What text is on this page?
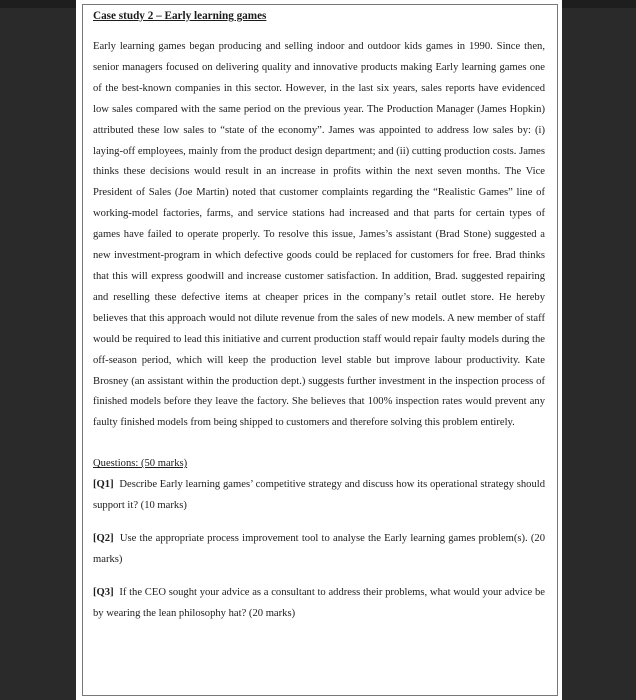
Case study 2 – Early learning games

Early learning games began producing and selling indoor and outdoor kids games in 1990. Since then, senior managers focused on delivering quality and innovative products making Early learning games one of the best-known companies in this sector. However, in the last six years, sales reports have evidenced low sales compared with the same period on the previous year. The Production Manager (James Hopkin) attributed these low sales to “state of the economy”. James was appointed to address low sales by: (i) laying-off employees, mainly from the product design department; and (ii) cutting production costs. James thinks these decisions would result in an increase in profits within the next seven months. The Vice President of Sales (Joe Martin) noted that customer complaints regarding the “Realistic Games” line of working-model factories, farms, and service stations had increased and that parts for certain types of games have failed to operate properly. To resolve this issue, James’s assistant (Brad Stone) suggested a new investment-program in which defective goods could be replaced for customers for free. Brad thinks that this will express goodwill and increase customer satisfaction. In addition, Brad. suggested repairing and reselling these defective items at cheaper prices in the company’s retail outlet store. He hereby believes that this approach would not dilute revenue from the sales of new models. A new member of staff would be required to lead this initiative and current production staff would repair faulty models during the off-season period, which will keep the production level stable but improve labour productivity. Kate Brosney (an assistant within the production dept.) suggests further investment in the inspection process of finished models before they leave the factory. She believes that 100% inspection rates would prevent any faulty finished models from being shipped to customers and therefore solving this problem entirely.

Questions: (50 marks)

[Q1] Describe Early learning games’ competitive strategy and discuss how its operational strategy should support it? (10 marks)

[Q2] Use the appropriate process improvement tool to analyse the Early learning games problem(s). (20 marks)

[Q3] If the CEO sought your advice as a consultant to address their problems, what would your advice be by wearing the lean philosophy hat? (20 marks)
